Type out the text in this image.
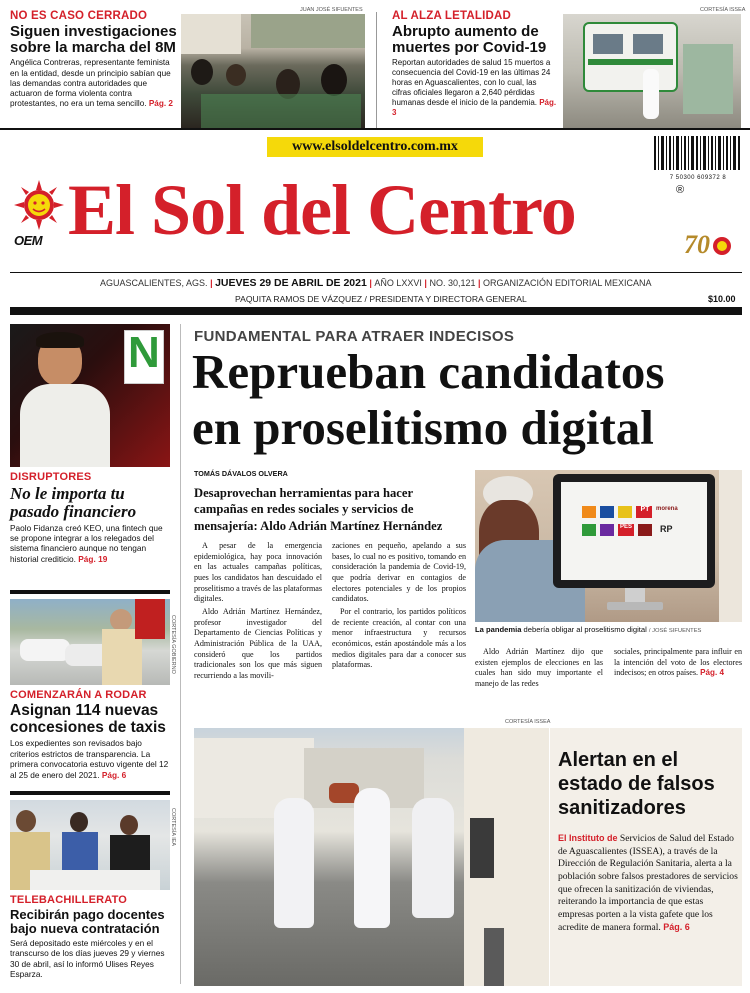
NO ES CASO CERRADO
Siguen investigaciones sobre la marcha del 8M
Angélica Contreras, representante feminista en la entidad, desde un principio sabían que las demandas contra autoridades que actuaron de forma violenta contra protestantes, no era un tema sencillo. Pág. 2
JUAN JOSÉ SIFUENTES	AL ALZA LETALIDAD
Abrupto aumento de muertes por Covid-19
Reportan autoridades de salud 15 muertos a consecuencia del Covid-19 en las últimas 24 horas en Aguascalientes, con lo cual, las cifras oficiales llegaron a 2,640 pérdidas humanas desde el inicio de la pandemia. Pág. 3
CORTESÍA ISSEA
www.elsoldelcentro.com.mx
7 50300 609372 8
OEM El Sol del Centro	®
70
AGUASCALIENTES, AGS. | JUEVES 29 DE ABRIL DE 2021 | AÑO LXXVI | NO. 30,121 | ORGANIZACIÓN EDITORIAL MEXICANA
PAQUITA RAMOS DE VÁZQUEZ / PRESIDENTA Y DIRECTORA GENERAL	$10.00
N
DISRUPTORES
No le importa tu pasado financiero
Paolo Fidanza creó KEO, una fintech que se propone integrar a los relegados del sistema financiero aunque no tengan historial crediticio. Pág. 19
CORTESÍA GOBIERNO
COMENZARÁN A RODAR
Asignan 114 nuevas concesiones de taxis
Los expedientes son revisados bajo criterios estrictos de transparencia. La primera convocatoria estuvo vigente del 12 al 25 de enero del 2021. Pág. 6
CORTESÍA IEA
TELEBACHILLERATO
Recibirán pago docentes bajo nueva contratación
Será depositado este miércoles y en el transcurso de los días jueves 29 y viernes 30 de abril, así lo informó Ulises Reyes Esparza.
FUNDAMENTAL PARA ATRAER INDECISOS
Reprueban candidatos
en proselitismo digital
TOMÁS DÁVALOS OLVERA
Desaprovechan herramientas para hacer campañas en redes sociales y servicios de mensajería: Aldo Adrián Martínez Hernández

A pesar de la emergencia epidemiológica, hay poca innovación en las actuales campañas políticas, pues los candidatos han descuidado el proselitismo a través de las plataformas digitales.

Aldo Adrián Martínez Hernández, profesor investigador del Departamento de Ciencias Políticas y Administración Pública de la UAA, consideró que los partidos tradicionales son los que más siguen recurriendo a las movili-

zaciones en pequeño, apelando a sus bases, lo cual no es positivo, tomando en consideración la pandemia de Covid-19, que podría derivar en contagios de electores potenciales y de los propios candidatos.

Por el contrario, los partidos políticos de reciente creación, al contar con una menor infraestructura y recursos económicos, están apostándole más a los medios digitales para dar a conocer sus plataformas.

PT
PES
morena
RP
La pandemia debería obligar al proselitismo digital / JOSÉ SIFUENTES

Aldo Adrián Martínez dijo que existen ejemplos de elecciones en las cuales han sido muy importante el manejo de las redes

sociales, principalmente para influir en la intención del voto de los electores indecisos; en otros países. Pág. 4

CORTESÍA ISSEA
Alertan en el estado de falsos sanitizadores
El Instituto de Servicios de Salud del Estado de Aguascalientes (ISSEA), a través de la Dirección de Regulación Sanitaria, alerta a la población sobre falsos prestadores de servicios que ofrecen la sanitización de viviendas, reiterando la importancia de que estas empresas porten a la vista gafete que los acredite de manera formal. Pág. 6
